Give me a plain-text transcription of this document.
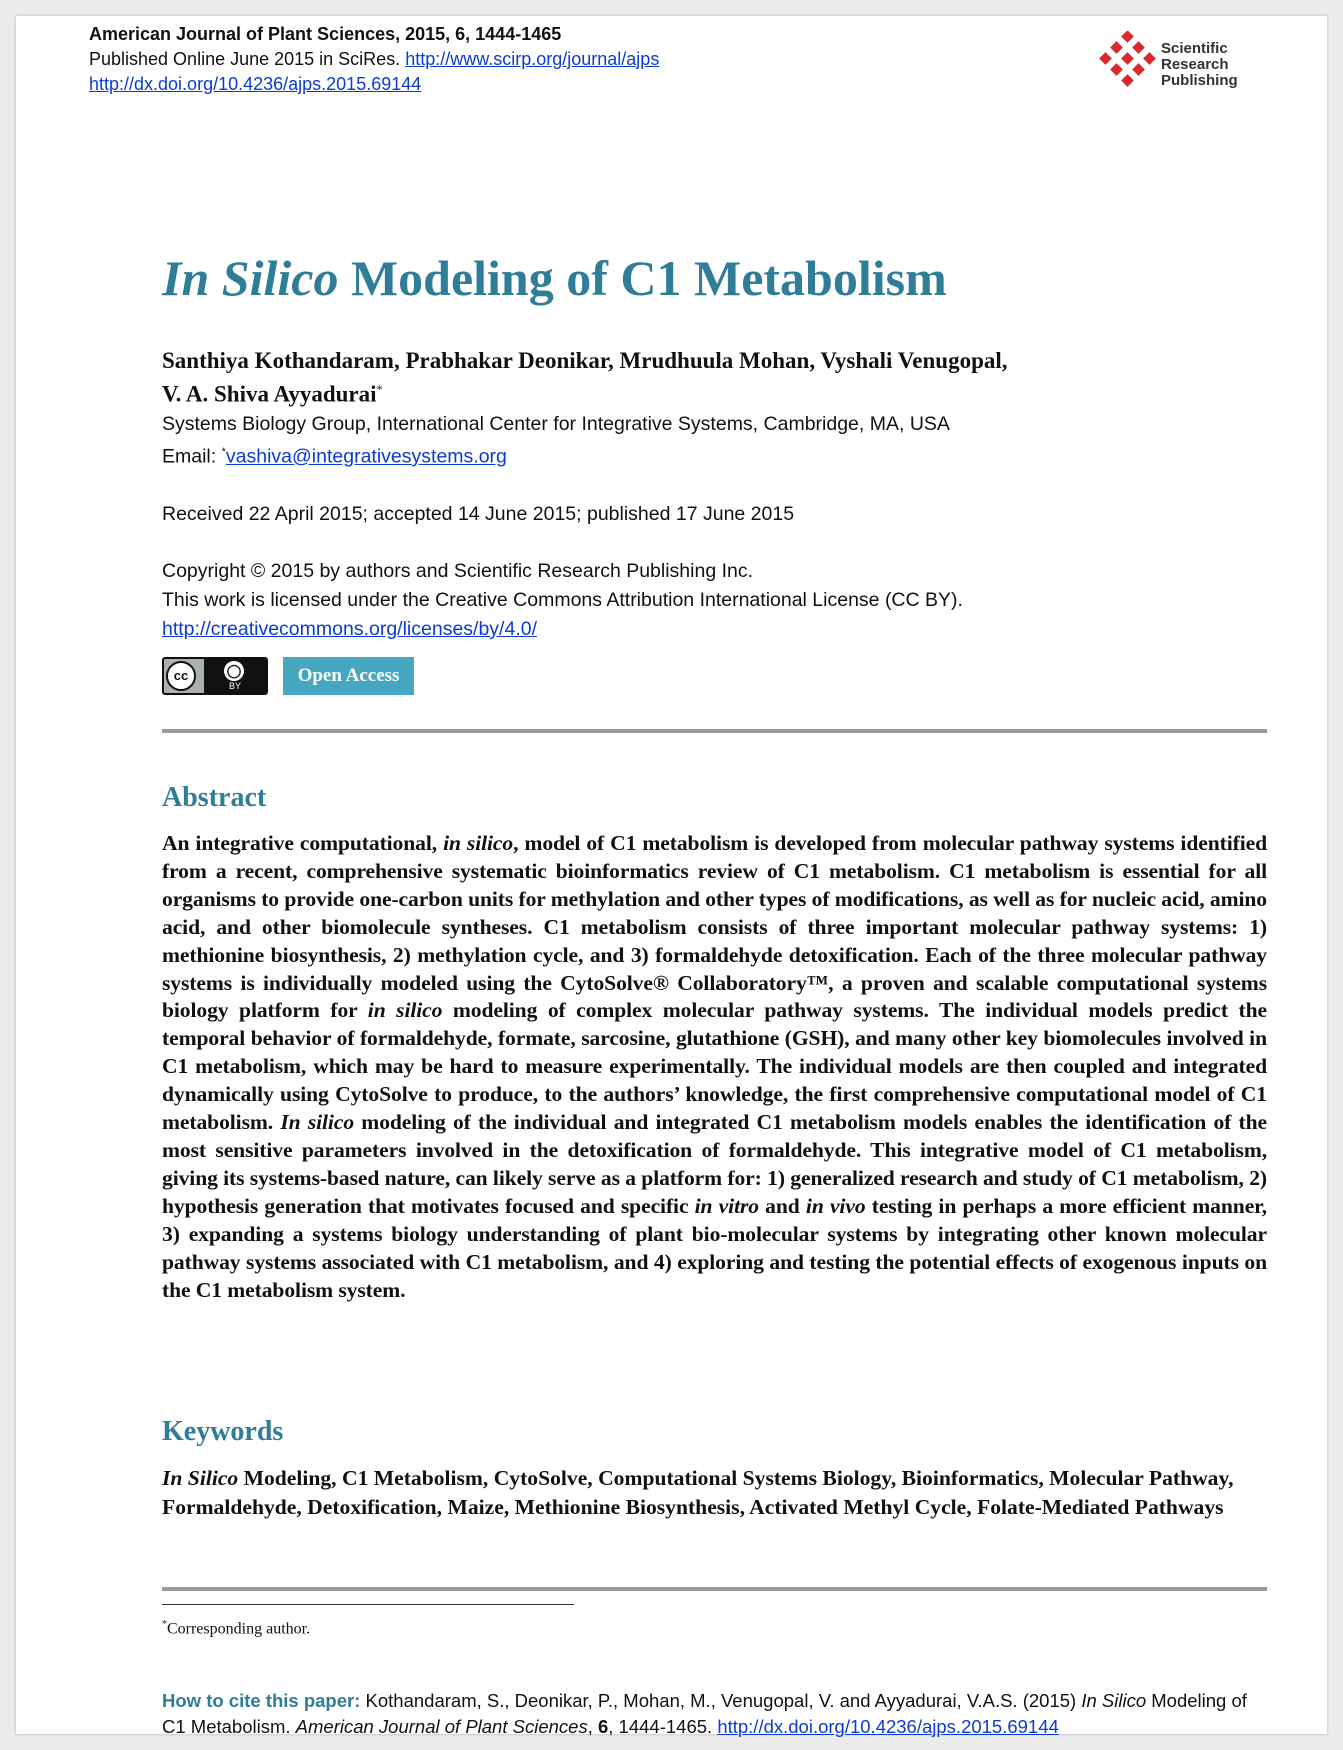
American Journal of Plant Sciences, 2015, 6, 1444-1465
Published Online June 2015 in SciRes. http://www.scirp.org/journal/ajps
http://dx.doi.org/10.4236/ajps.2015.69144
Scientific
Research
Publishing
In Silico Modeling of C1 Metabolism
Santhiya Kothandaram, Prabhakar Deonikar, Mrudhuula Mohan, Vyshali Venugopal,
V. A. Shiva Ayyadurai*
Systems Biology Group, International Center for Integrative Systems, Cambridge, MA, USA
Email: *vashiva@integrativesystems.org
Received 22 April 2015; accepted 14 June 2015; published 17 June 2015
Copyright © 2015 by authors and Scientific Research Publishing Inc.
This work is licensed under the Creative Commons Attribution International License (CC BY).
http://creativecommons.org/licenses/by/4.0/
cc	◯
BY	Open Access
Abstract
An integrative computational, in silico, model of C1 metabolism is developed from molecular pathway systems identified from a recent, comprehensive systematic bioinformatics review of C1 metabolism. C1 metabolism is essential for all organisms to provide one-carbon units for methylation and other types of modifications, as well as for nucleic acid, amino acid, and other biomolecule syntheses. C1 metabolism consists of three important molecular pathway systems: 1) methionine biosynthesis, 2) methylation cycle, and 3) formaldehyde detoxification. Each of the three molecular pathway systems is individually modeled using the CytoSolve® Collaboratory™, a proven and scalable computational systems biology platform for in silico modeling of complex molecular pathway systems. The individual models predict the temporal behavior of formaldehyde, formate, sarcosine, glutathione (GSH), and many other key biomolecules involved in C1 metabolism, which may be hard to measure experimentally. The individual models are then coupled and integrated dynamically using CytoSolve to produce, to the authors’ knowledge, the first comprehensive computational model of C1 metabolism. In silico modeling of the individual and integrated C1 metabolism models enables the identification of the most sensitive parameters involved in the detoxification of formaldehyde. This integrative model of C1 metabolism, giving its systems-based nature, can likely serve as a platform for: 1) generalized research and study of C1 metabolism, 2) hypothesis generation that motivates focused and specific in vitro and in vivo testing in perhaps a more efficient manner, 3) expanding a systems biology understanding of plant bio-molecular systems by integrating other known molecular pathway systems associated with C1 metabolism, and 4) exploring and testing the potential effects of exogenous inputs on the C1 metabolism system.
Keywords
In Silico Modeling, C1 Metabolism, CytoSolve, Computational Systems Biology, Bioinformatics, Molecular Pathway, Formaldehyde, Detoxification, Maize, Methionine Biosynthesis, Activated Methyl Cycle, Folate-Mediated Pathways
*Corresponding author.
How to cite this paper: Kothandaram, S., Deonikar, P., Mohan, M., Venugopal, V. and Ayyadurai, V.A.S. (2015) In Silico Modeling of C1 Metabolism. American Journal of Plant Sciences, 6, 1444-1465. http://dx.doi.org/10.4236/ajps.2015.69144
